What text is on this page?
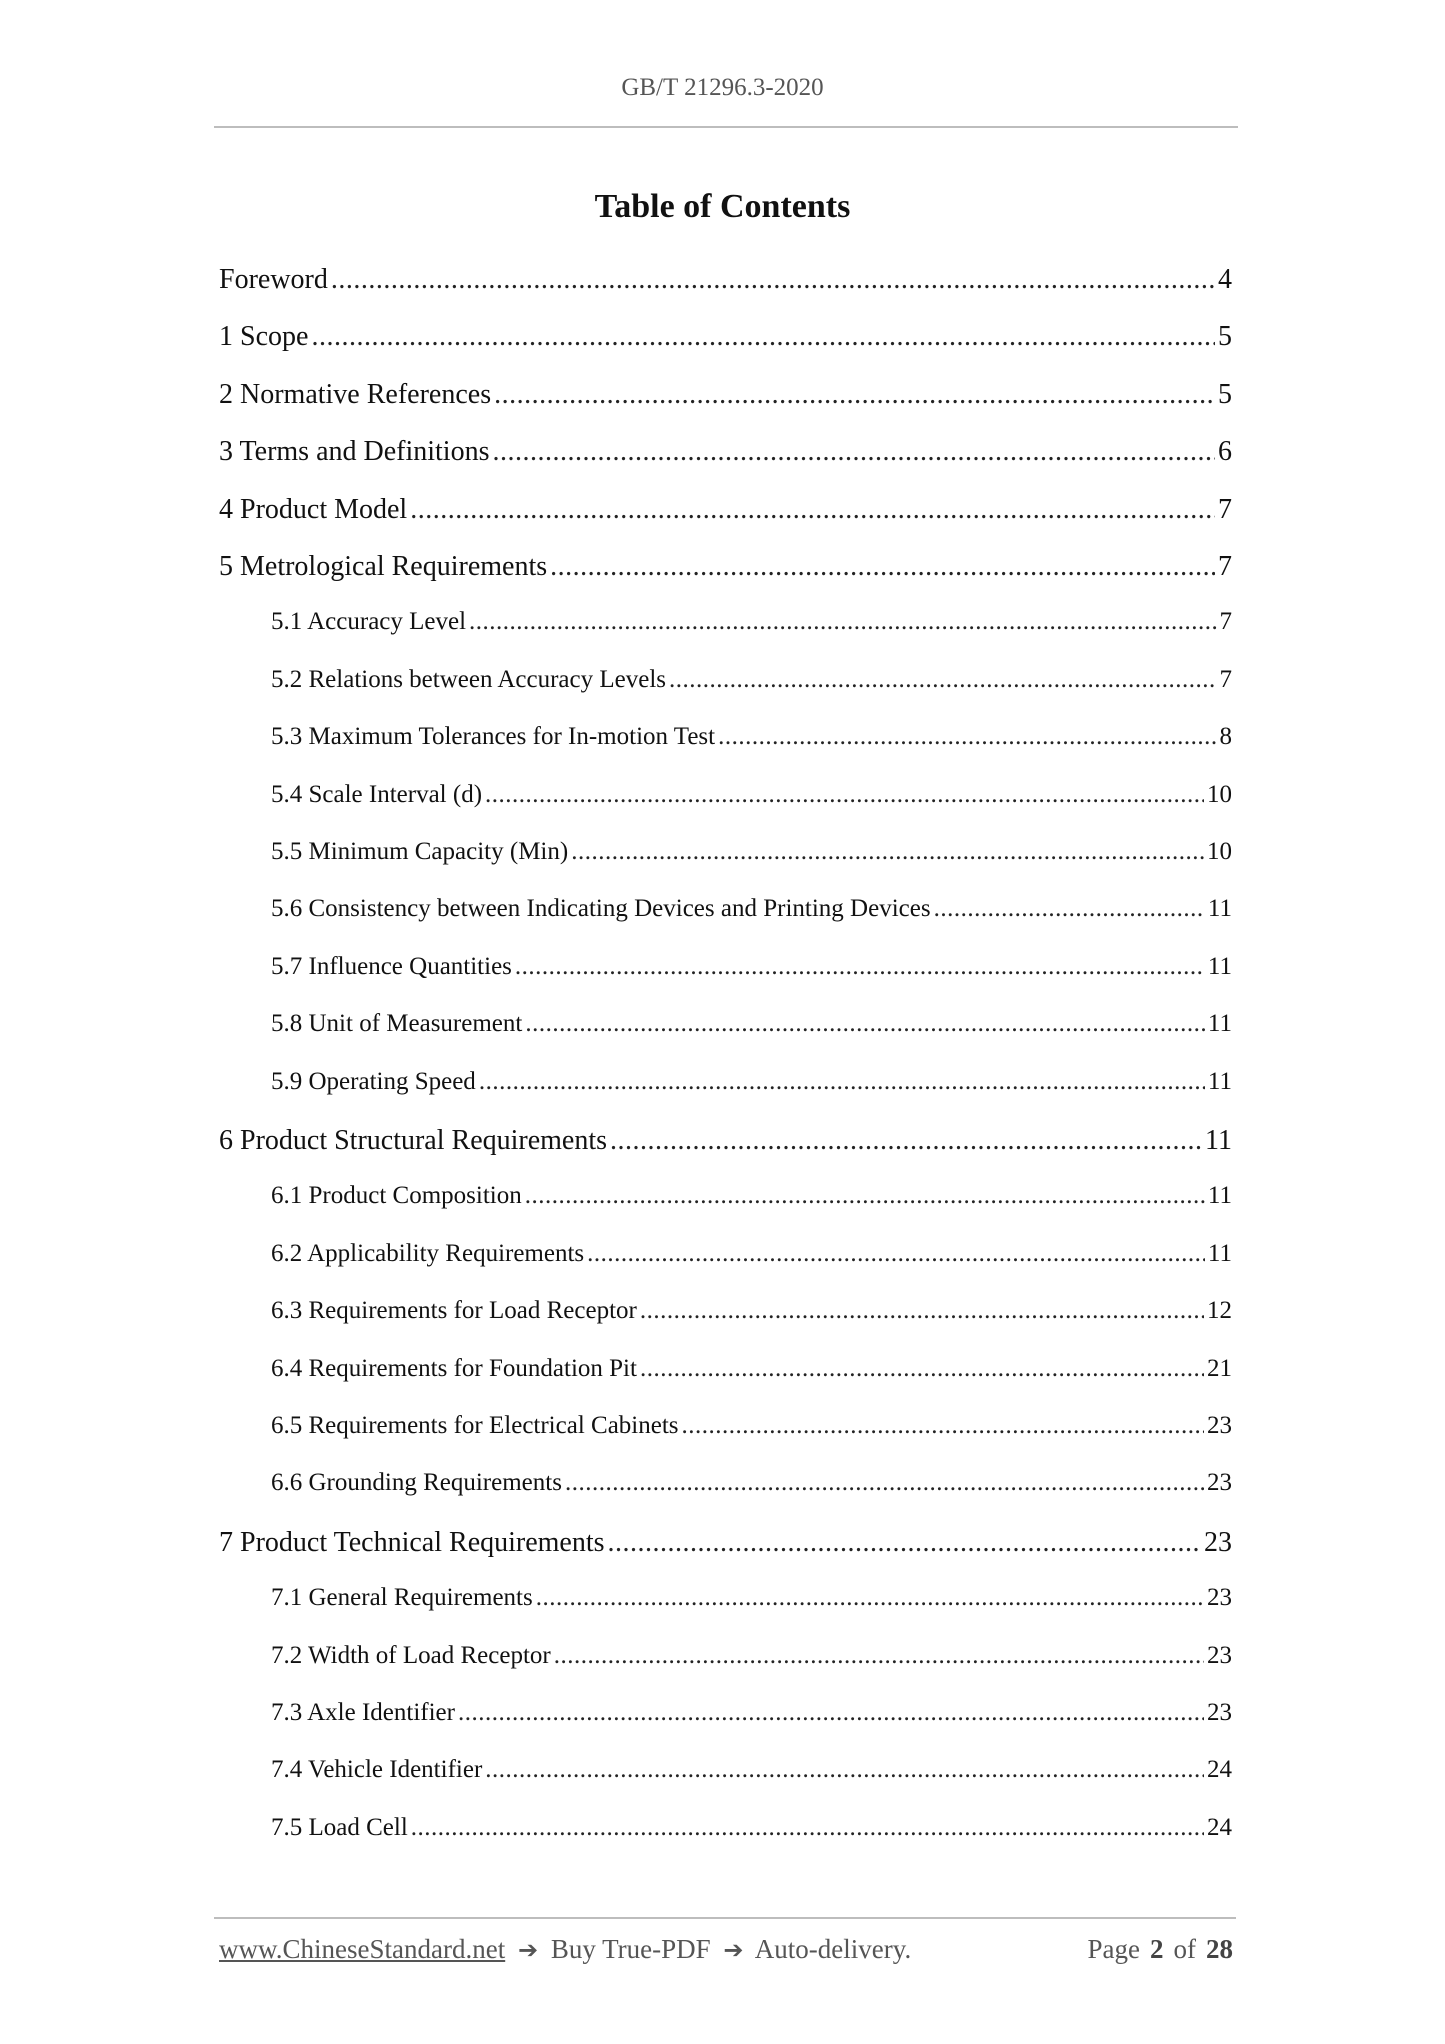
GB/T 21296.3-2020
Table of Contents
Foreword .....	4
1 Scope .....	5
2 Normative References .....	5
3 Terms and Definitions .....	6
4 Product Model .....	7
5 Metrological Requirements .....	7
5.1 Accuracy Level .....	7
5.2 Relations between Accuracy Levels .....	7
5.3 Maximum Tolerances for In-motion Test .....	8
5.4 Scale Interval (d) .....	10
5.5 Minimum Capacity (Min) .....	10
5.6 Consistency between Indicating Devices and Printing Devices .....	11
5.7 Influence Quantities .....	11
5.8 Unit of Measurement .....	11
5.9 Operating Speed .....	11
6 Product Structural Requirements .....	11
6.1 Product Composition .....	11
6.2 Applicability Requirements .....	11
6.3 Requirements for Load Receptor .....	12
6.4 Requirements for Foundation Pit .....	21
6.5 Requirements for Electrical Cabinets .....	23
6.6 Grounding Requirements .....	23
7 Product Technical Requirements .....	23
7.1 General Requirements .....	23
7.2 Width of Load Receptor .....	23
7.3 Axle Identifier .....	23
7.4 Vehicle Identifier .....	24
7.5 Load Cell .....	24
www.ChineseStandard.net ➔ Buy True-PDF ➔ Auto-delivery.	Page 2 of 28
